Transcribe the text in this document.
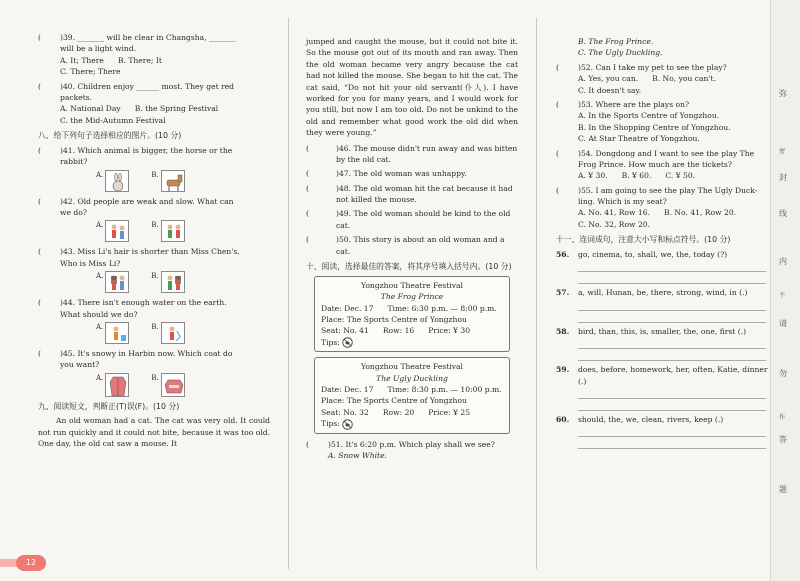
(	)39.
_______ will be clear in Changsha, _______
will be a light wind.
A. It; There B. There; It
C. There; There
(	)40.
Children enjoy ______ most. They get red
packets.
A. National Day B. the Spring Festival
C. the Mid-Autumn Festival
八、给下列句子选择相应的图片。(10 分)
(	)41.
Which animal is bigger, the horse or the
rabbit?
A.	B.
(	)42.
Old people are weak and slow. What can
we do?
A.	B.
(	)43.
Miss Li's hair is shorter than Miss Chen's.
Who is Miss Li?
A.	B.
(	)44.
There isn't enough water on the earth.
What should we do?
A.	B.
(	)45.
It's snowy in Harbin now. Which coat do
you want?
A.	B.
九、阅读短文，判断正(T)误(F)。(10 分)
An old woman had a cat. The cat was very old. It could not run quickly and it could not bite, because it was too old. One day, the old cat saw a mouse. It
jumped and caught the mouse, but it could not bite it. So the mouse got out of its mouth and ran away. Then the old woman became very angry because the cat had not killed the mouse. She began to hit the cat. The cat said, “Do not hit your old servant(仆人). I have worked for you for many years, and I would work for you still, but now I am too old. Do not be unkind to the old and remember what good work the old did when they were young.”
(	)46. The mouse didn't run away and was bitten
by the old cat.
(	)47. The old woman was unhappy.
(	)48. The old woman hit the cat because it had
not killed the mouse.
(	)49. The old woman should be kind to the old cat.
(	)50. This story is about an old woman and a cat.
十、阅读，选择最佳的答案，将其序号填入括号内。(10 分)
Yongzhou Theatre Festival
The Frog Prince
Date: Dec. 17 Time: 6:30 p.m. — 8:00 p.m.
Place: The Sports Centre of Yongzhou
Seat: No. 41 Row: 16 Price: ¥ 30
Tips:
Yongzhou Theatre Festival
The Ugly Duckling
Date: Dec. 17 Time: 8:30 p.m. — 10:00 p.m.
Place: The Sports Centre of Yongzhou
Seat: No. 32 Row: 20 Price: ¥ 25
Tips:
(	)51.
It's 6:20 p.m. Which play shall we see?
A. Snow White.
B. The Frog Prince.
C. The Ugly Duckling.
(	)52.
Can I take my pet to see the play?
A. Yes, you can. B. No, you can't.
C. It doesn't say.
(	)53.
Where are the plays on?
A. In the Sports Centre of Yongzhou.
B. In the Shopping Centre of Yongzhou.
C. At Star Theatre of Yongzhou.
(	)54.
Dongdong and I want to see the play The
Frog Prince. How much are the tickets?
A. ¥ 30. B. ¥ 60. C. ¥ 50.
(	)55.
I am going to see the play The Ugly Duck-
ling. Which is my seat?
A. No. 41, Row 16. B. No. 41, Row 20.
C. No. 32, Row 20.
十一、连词成句，注意大小写和标点符号。(10 分)
56.	go, cinema, to, shall, we, the, today (?)
57.	a, will, Hunan, be, there, strong, wind, in (.)
58.	bird, than, this, is, smaller, the, one, first (.)
59.	does, before, homework, her, often, Katie, dinner (.)
60.	should, the, we, clean, rivers, keep (.)
弥
密
封
线
内
不
请
勿
作
答
题
12
